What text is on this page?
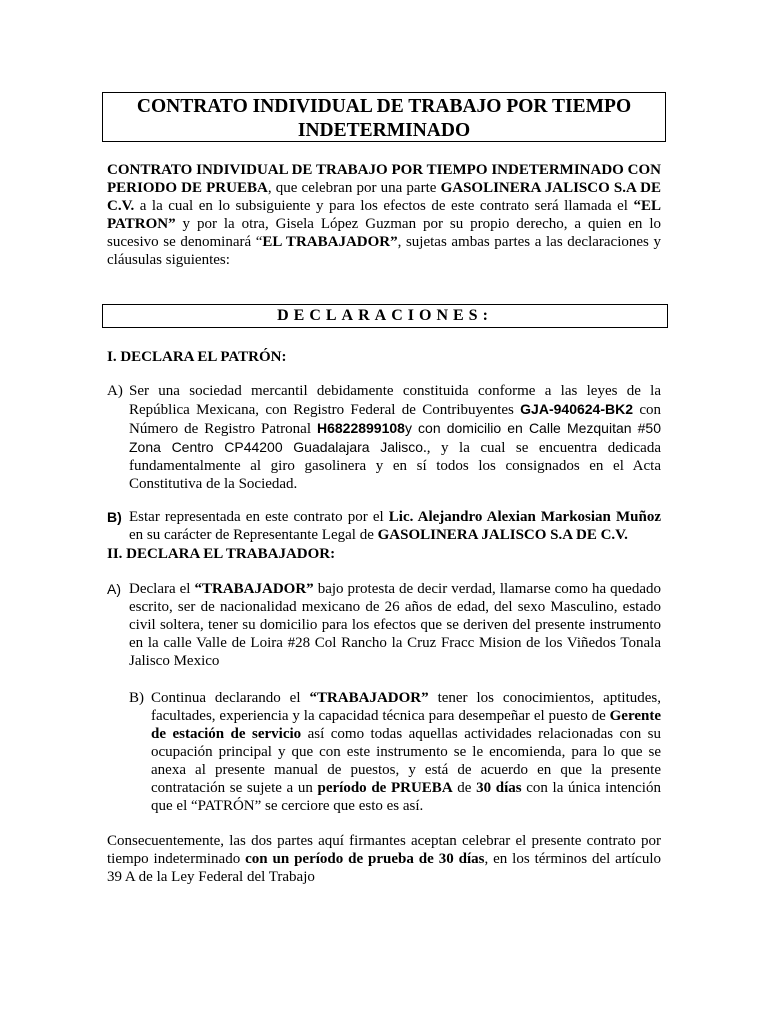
CONTRATO INDIVIDUAL DE TRABAJO POR TIEMPO
INDETERMINADO
CONTRATO INDIVIDUAL DE TRABAJO POR TIEMPO INDETERMINADO CON PERIODO DE PRUEBA, que celebran por una parte GASOLINERA JALISCO S.A DE C.V. a la cual en lo subsiguiente y para los efectos de este contrato será llamada el “EL PATRON” y por la otra, Gisela López Guzman por su propio derecho, a quien en lo sucesivo se denominará “EL TRABAJADOR”, sujetas ambas partes a las declaraciones y cláusulas siguientes:
DECLARACIONES:
I. DECLARA EL PATRÓN:
A) Ser una sociedad mercantil debidamente constituida conforme a las leyes de la República Mexicana, con Registro Federal de Contribuyentes GJA-940624-BK2 con Número de Registro Patronal H6822899108y con domicilio en Calle Mezquitan #50 Zona Centro CP44200 Guadalajara Jalisco., y la cual se encuentra dedicada fundamentalmente al giro gasolinera y en sí todos los consignados en el Acta Constitutiva de la Sociedad.
B) Estar representada en este contrato por el Lic. Alejandro Alexian Markosian Muñoz en su carácter de Representante Legal de GASOLINERA JALISCO S.A DE C.V.
II. DECLARA EL TRABAJADOR:
A) Declara el “TRABAJADOR” bajo protesta de decir verdad, llamarse como ha quedado escrito, ser de nacionalidad mexicano de 26 años de edad, del sexo Masculino, estado civil soltera, tener su domicilio para los efectos que se deriven del presente instrumento en la calle Valle de Loira #28 Col Rancho la Cruz Fracc Mision de los Viñedos Tonala Jalisco Mexico
B) Continua declarando el “TRABAJADOR” tener los conocimientos, aptitudes, facultades, experiencia y la capacidad técnica para desempeñar el puesto de Gerente de estación de servicio así como todas aquellas actividades relacionadas con su ocupación principal y que con este instrumento se le encomienda, para lo que se anexa al presente manual de puestos, y está de acuerdo en que la presente contratación se sujete a un período de PRUEBA de 30 días con la única intención que el “PATRÓN” se cerciore que esto es así.
Consecuentemente, las dos partes aquí firmantes aceptan celebrar el presente contrato por tiempo indeterminado con un período de prueba de 30 días, en los términos del artículo 39 A de la Ley Federal del Trabajo
